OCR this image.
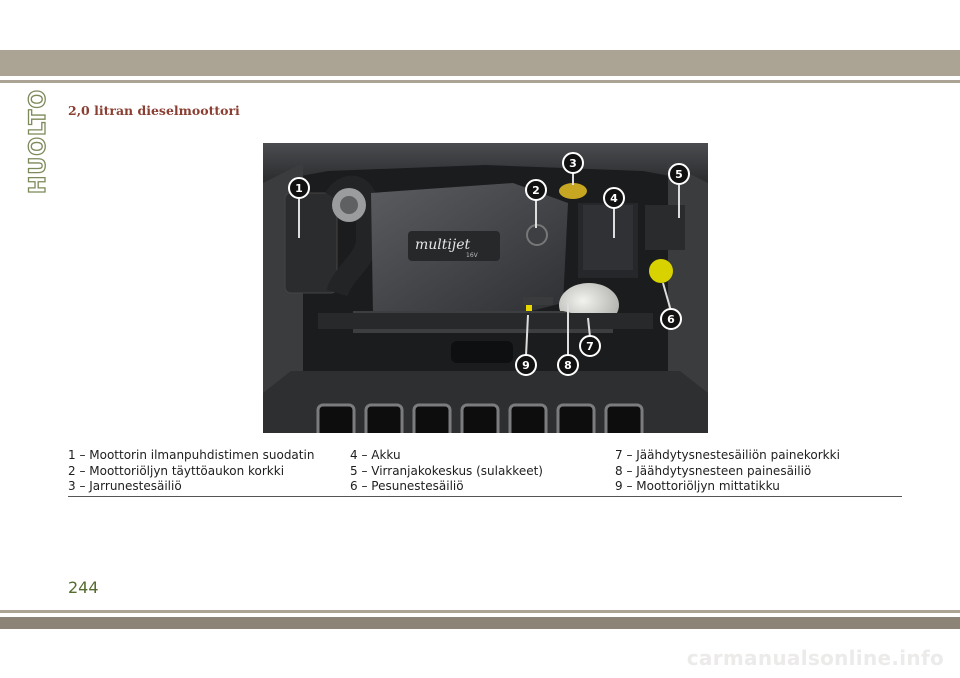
HUOLTO 2,0 litran dieselmoottori
multijet
16V
1	2
3
4
5
6
7
8
9
1 – Moottorin ilmanpuhdistimen suodatin
2 – Moottoriöljyn täyttöaukon korkki
3 – Jarrunestesäiliö
4 – Akku
5 – Virranjakokeskus (sulakkeet)
6 – Pesunestesäiliö
7 – Jäähdytysnestesäiliön painekorkki
8 – Jäähdytysnesteen painesäiliö
9 – Moottoriöljyn mittatikku
244
carmanualsonline.info
